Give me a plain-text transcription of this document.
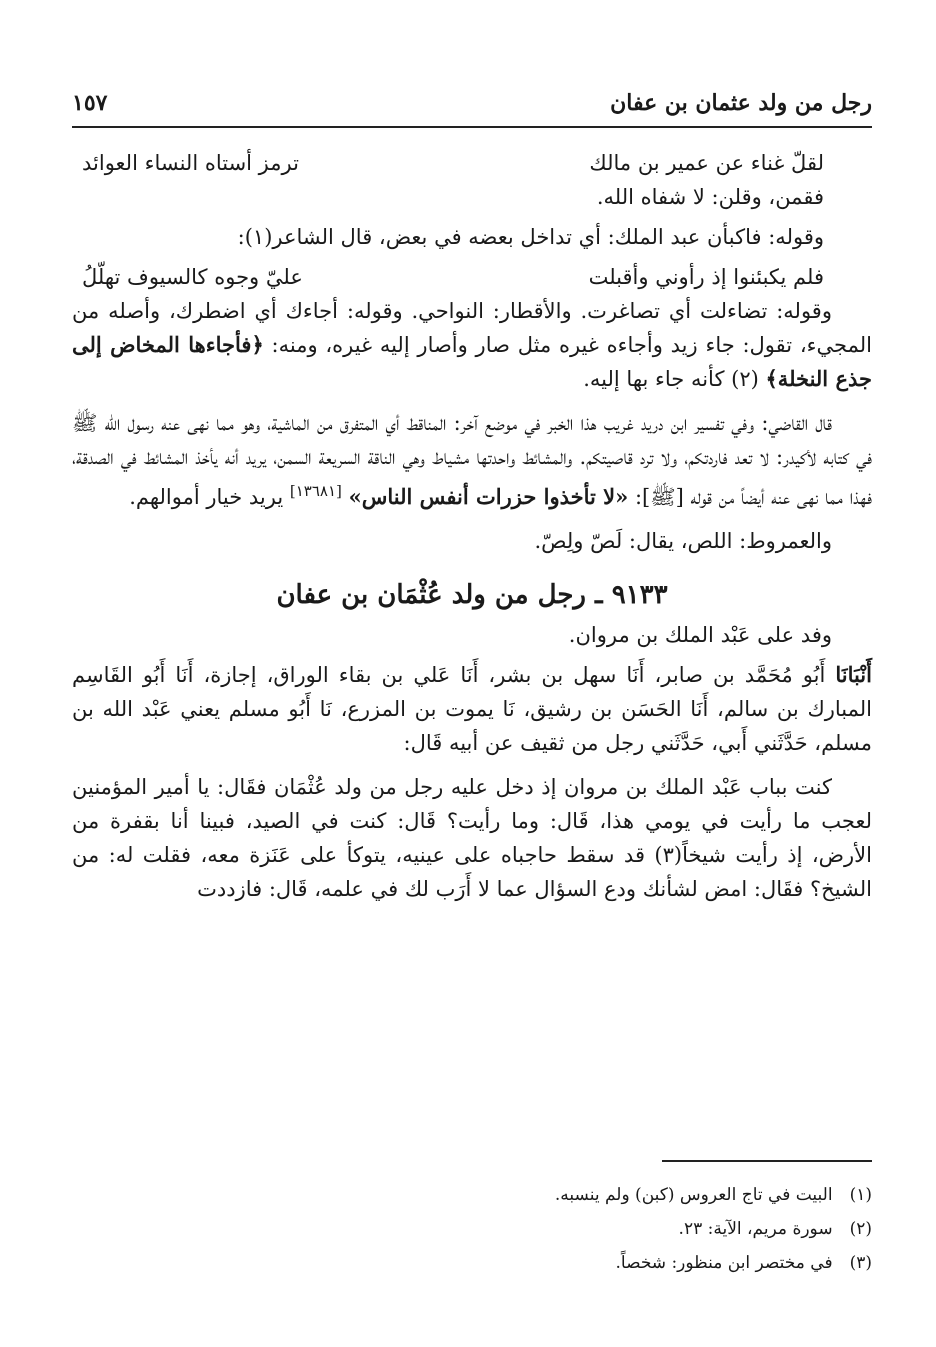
رجل من ولد عثمان بن عفان
١٥٧
لقلّ غناء عن عمير بن مالك
ترمز أستاه النساء العوائد

فقمن، وقلن: لا شفاه الله.

وقوله: فاكبأن عبد الملك: أي تداخل بعضه في بعض، قال الشاعر(١):

فلم يكبئنوا إذ رأوني وأقبلت
عليّ وجوه كالسيوف تهلّلُ

وقوله: تضاءلت أي تصاغرت. والأقطار: النواحي. وقوله: أجاءك أي اضطرك، وأصله من المجيء، تقول: جاء زيد وأجاءه غيره مثل صار وأصار إليه غيره، ومنه: ﴿فأجاءها المخاض إلى جذع النخلة﴾ (٢) كأنه جاء بها إليه.

قال القاضي: وفي تفسير ابن دريد غريب هذا الخبر في موضع آخر: المناقط أي المتفرق من الماشية، وهو مما نهى عنه رسول الله ﷺ في كتابه لأكيدر: لا تعد فاردتكم، ولا ترد قاصيتكم. والمشائط واحدتها مشياط وهي الناقة السريعة السمن، يريد أنه يأخذ المشائط في الصدقة، فهذا مما نهى عنه أيضاً من قوله [ﷺ]: «لا تأخذوا حزرات أنفس الناس» [١٣٦٨١] يريد خيار أموالهم.

والعمروط: اللص، يقال: لَصّ ولِصّ.

٩١٣٣ ـ رجل من ولد عُثْمَان بن عفان

وفد على عَبْد الملك بن مروان.

أَنْبَانَا أَبُو مُحَمَّد بن صابر، أَنَا سهل بن بشر، أَنَا عَلي بن بقاء الوراق، إجازة، أَنَا أَبُو القَاسِم المبارك بن سالم، أَنَا الحَسَن بن رشيق، نَا يموت بن المزرع، نَا أَبُو مسلم يعني عَبْد الله بن مسلم، حَدَّثَني أَبي، حَدَّثَني رجل من ثقيف عن أبيه قَال:

كنت بباب عَبْد الملك بن مروان إذ دخل عليه رجل من ولد عُثْمَان فقَال: يا أمير المؤمنين لعجب ما رأيت في يومي هذا، قَال: وما رأيت؟ قَال: كنت في الصيد، فبينا أنا بقفرة من الأرض، إذ رأيت شيخاً(٣) قد سقط حاجباه على عينيه، يتوكأ على عَنَزة معه، فقلت له: من الشيخ؟ فقَال: امض لشأنك ودع السؤال عما لا أَرَب لك في علمه، قَال: فازددت

(١) البيت في تاج العروس (كبن) ولم ينسبه.
(٢) سورة مريم، الآية: ٢٣.
(٣) في مختصر ابن منظور: شخصاً.
